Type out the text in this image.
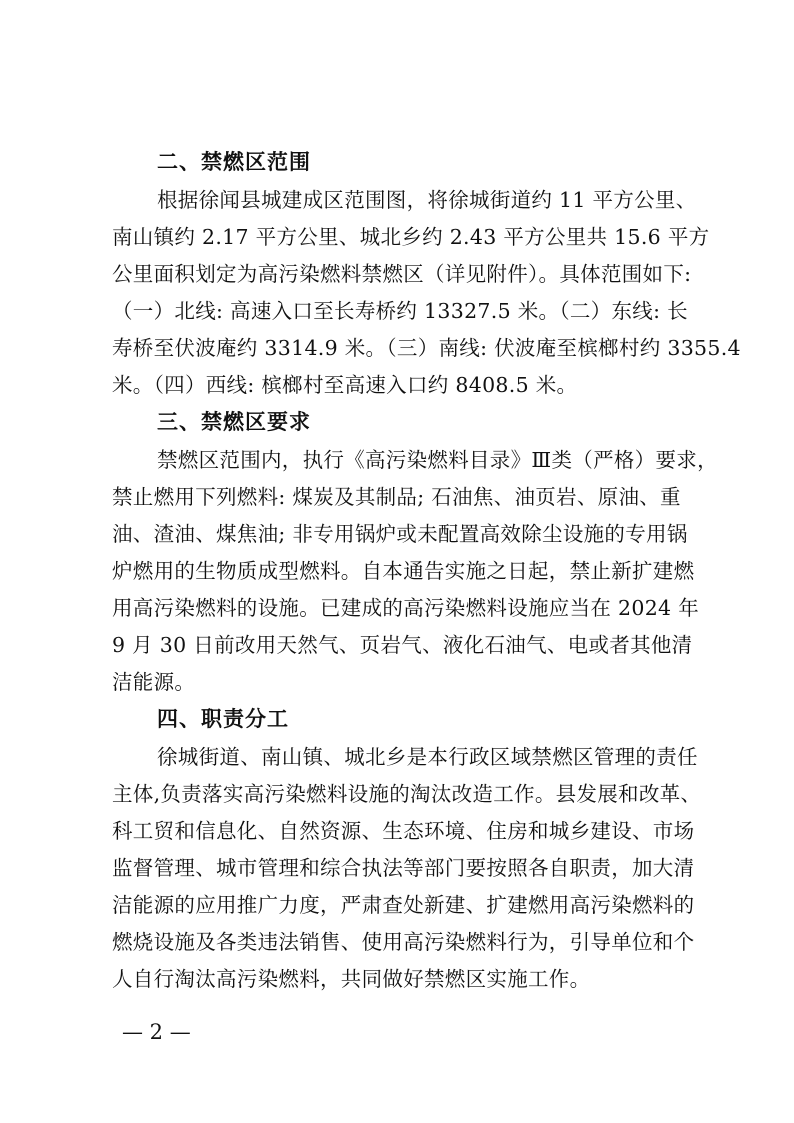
二、禁燃区范围
根据徐闻县城建成区范围图，将徐城街道约 11 平方公里、
南山镇约 2.17 平方公里、城北乡约 2.43 平方公里共 15.6 平方
公里面积划定为高污染燃料禁燃区（详见附件）。具体范围如下:
（一）北线: 高速入口至长寿桥约 13327.5 米。（二）东线: 长
寿桥至伏波庵约 3314.9 米。（三）南线: 伏波庵至槟榔村约 3355.4
米。（四）西线: 槟榔村至高速入口约 8408.5 米。
三、禁燃区要求
禁燃区范围内，执行《高污染燃料目录》Ⅲ类（严格）要求，
禁止燃用下列燃料: 煤炭及其制品; 石油焦、油页岩、原油、重
油、渣油、煤焦油; 非专用锅炉或未配置高效除尘设施的专用锅
炉燃用的生物质成型燃料。自本通告实施之日起，禁止新扩建燃
用高污染燃料的设施。已建成的高污染燃料设施应当在 2024 年
9 月 30 日前改用天然气、页岩气、液化石油气、电或者其他清
洁能源。
四、职责分工
徐城街道、南山镇、城北乡是本行政区域禁燃区管理的责任
主体,负责落实高污染燃料设施的淘汰改造工作。县发展和改革、
科工贸和信息化、自然资源、生态环境、住房和城乡建设、市场
监督管理、城市管理和综合执法等部门要按照各自职责，加大清
洁能源的应用推广力度，严肃查处新建、扩建燃用高污染燃料的
燃烧设施及各类违法销售、使用高污染燃料行为，引导单位和个
人自行淘汰高污染燃料，共同做好禁燃区实施工作。
— 2 —
